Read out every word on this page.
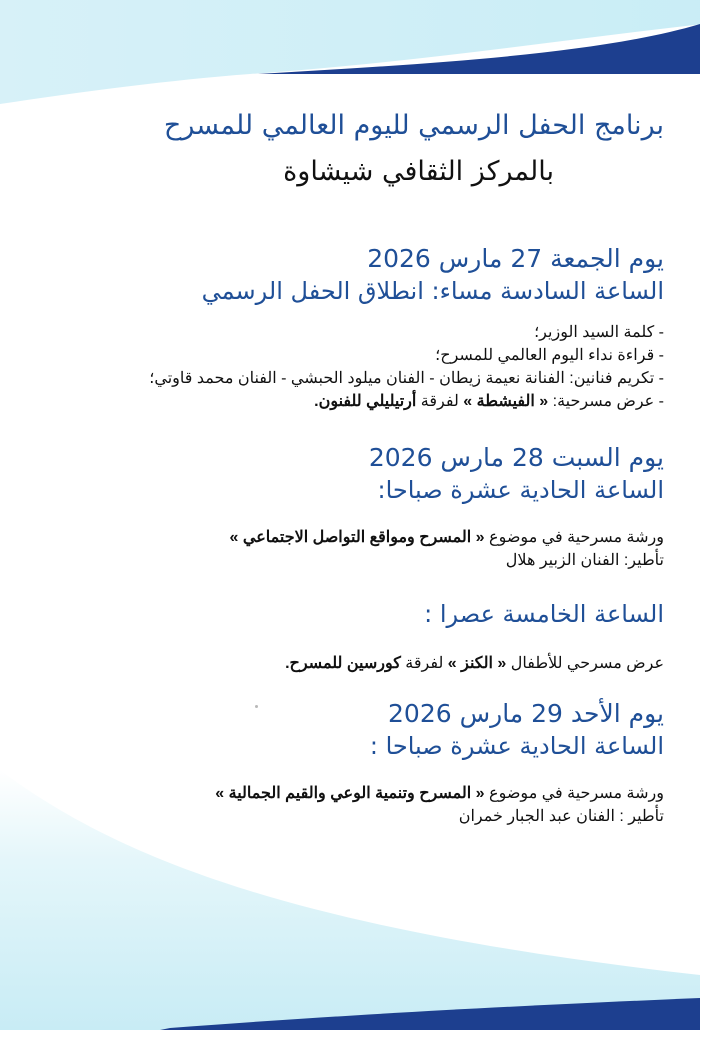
برنامج الحفل الرسمي لليوم العالمي للمسرح
بالمركز الثقافي شيشاوة
يوم الجمعة 27 مارس 2026
الساعة السادسة مساء: انطلاق الحفل الرسمي
- كلمة السيد الوزير؛
- قراءة نداء اليوم العالمي للمسرح؛
- تكريم فنانين: الفنانة نعيمة زيطان - الفنان ميلود الحبشي - الفنان محمد قاوتي؛
- عرض مسرحية: « الفيشطة » لفرقة أرتيليلي للفنون.
يوم السبت 28 مارس 2026
الساعة الحادية عشرة صباحا:
ورشة مسرحية في موضوع « المسرح ومواقع التواصل الاجتماعي »
تأطير: الفنان الزبير هلال
الساعة الخامسة عصرا :
عرض مسرحي للأطفال « الكنز » لفرقة كورسين للمسرح.
يوم الأحد 29 مارس 2026
الساعة الحادية عشرة صباحا :
ورشة مسرحية في موضوع « المسرح وتنمية الوعي والقيم الجمالية »
تأطير : الفنان عبد الجبار خمران
